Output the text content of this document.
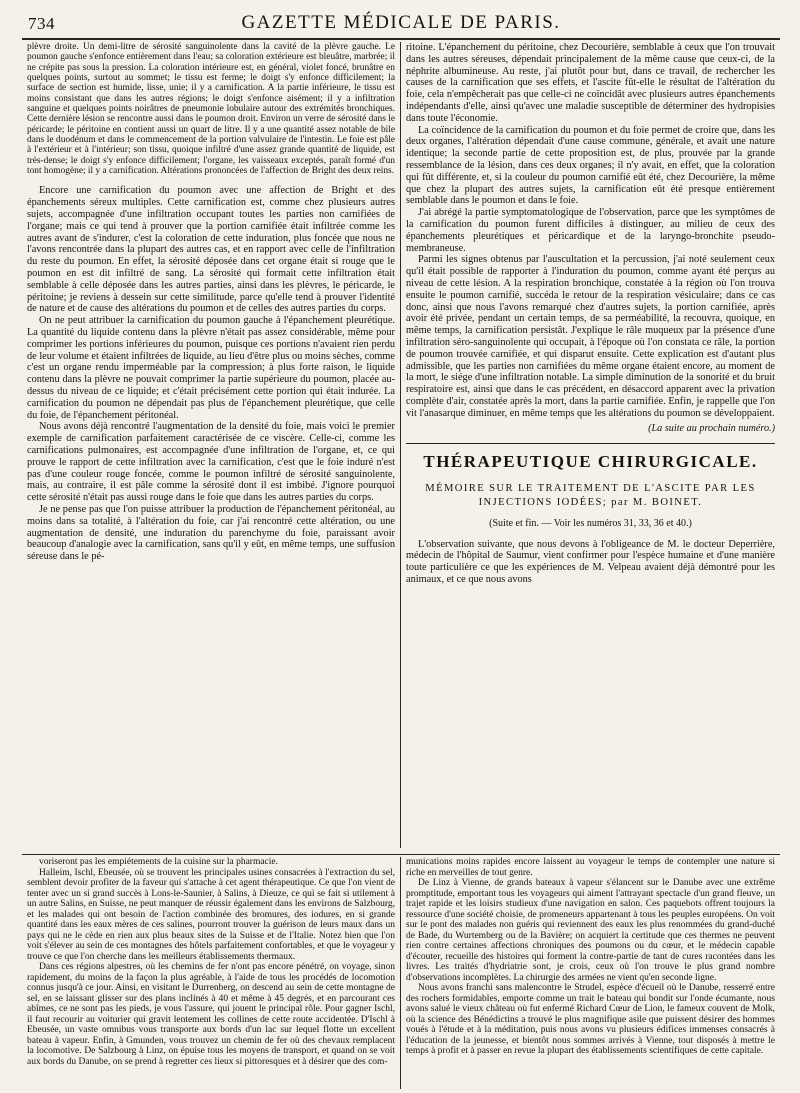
734	GAZETTE MÉDICALE DE PARIS.

plèvre droite. Un demi-litre de sérosité sanguinolente dans la cavité de la plèvre gauche. Le poumon gauche s'enfonce entièrement dans l'eau; sa coloration extérieure est bleuâtre, marbrée; il ne crépite pas sous la pression. La coloration intérieure est, en général, violet foncé, brunâtre en quelques points, surtout au sommet; le tissu est ferme; le doigt s'y enfonce difficilement; la surface de section est humide, lisse, unie; il y a carnification. A la partie inférieure, le tissu est moins consistant que dans les autres régions; le doigt s'enfonce aisément; il y a infiltration sanguine et quelques points noirâtres de pneumonie lobulaire autour des extrémités bronchiques. Cette dernière lésion se rencontre aussi dans le poumon droit. Environ un verre de sérosité dans le péricarde; le péritoine en contient aussi un quart de litre. Il y a une quantité assez notable de bile dans le duodénum et dans le commencement de la portion valvulaire de l'intestin. Le foie est pâle à l'extérieur et à l'intérieur; son tissu, quoique infiltré d'une assez grande quantité de liquide, est très-dense; le doigt s'y enfonce difficilement; l'organe, les vaisseaux exceptés, paraît formé d'un tont homogène; il y a carnification. Altérations prononcées de l'affection de Bright des deux reins.

Encore une carnification du poumon avec une affection de Bright et des épanchements séreux multiples. Cette carnification est, comme chez plusieurs autres sujets, accompagnée d'une infiltration occupant toutes les parties non carnifiées de l'organe; mais ce qui tend à prouver que la portion carnifiée était infiltrée comme les autres avant de s'indurer, c'est la coloration de cette induration, plus foncée que nous ne l'avons rencontrée dans la plupart des autres cas, et en rapport avec celle de l'infiltration du reste du poumon. En effet, la sérosité déposée dans cet organe était si rouge que le poumon en est dit infiltré de sang. La sérosité qui formait cette infiltration était semblable à celle déposée dans les autres parties, ainsi dans les plèvres, le péricarde, le péritoine; je reviens à dessein sur cette similitude, parce qu'elle tend à prouver l'identité de nature et de cause des altérations du poumon et de celles des autres parties du corps.

On ne peut attribuer la carnification du poumon gauche à l'épanchement pleurétique. La quantité du liquide contenu dans la plèvre n'était pas assez considérable, même pour comprimer les portions inférieures du poumon, puisque ces portions n'avaient rien perdu de leur volume et étaient infiltrées de liquide, au lieu d'être plus ou moins sèches, comme c'est un organe rendu imperméable par la compression; à plus forte raison, le liquide contenu dans la plèvre ne pouvait comprimer la partie supérieure du poumon, placée au-dessus du niveau de ce liquide; et c'était précisément cette portion qui était indurée. La carnification du poumon ne dépendait pas plus de l'épanchement pleurétique, que celle du foie, de l'épanchement péritonéal.

Nous avons déjà rencontré l'augmentation de la densité du foie, mais voici le premier exemple de carnification parfaitement caractérisée de ce viscère. Celle-ci, comme les carnifications pulmonaires, est accompagnée d'une infiltration de l'organe, et, ce qui prouve le rapport de cette infiltration avec la carnification, c'est que le foie induré n'est pas d'une couleur rouge foncée, comme le poumon infiltré de sérosité sanguinolente, mais, au contraire, il est pâle comme la sérosité dont il est imbibé. J'ignore pourquoi cette sérosité n'était pas aussi rouge dans le foie que dans les autres parties du corps.

Je ne pense pas que l'on puisse attribuer la production de l'épanchement péritonéal, au moins dans sa totalité, à l'altération du foie, car j'ai rencontré cette altération, ou une augmentation de densité, une induration du parenchyme du foie, paraissant avoir beaucoup d'analogie avec la carnification, sans qu'il y eût, en même temps, une suffusion séreuse dans le pé-

ritoine. L'épanchement du péritoine, chez Decourière, semblable à ceux que l'on trouvait dans les autres séreuses, dépendait principalement de la même cause que ceux-ci, de la néphrite albumineuse. Au reste, j'ai plutôt pour but, dans ce travail, de rechercher les causes de la carnification que ses effets, et l'ascite fût-elle le résultat de l'altération du foie, cela n'empêcherait pas que celle-ci ne coïncidât avec plusieurs autres épanchements indépendants d'elle, ainsi qu'avec une maladie susceptible de déterminer des hydropisies dans toute l'économie.

La coïncidence de la carnification du poumon et du foie permet de croire que, dans les deux organes, l'altération dépendait d'une cause commune, générale, et avait une nature identique; la seconde partie de cette proposition est, de plus, prouvée par la grande ressemblance de la lésion, dans ces deux organes; il n'y avait, en effet, que la coloration qui fût différente, et, si la couleur du poumon carnifié eût été, chez Decourière, la même que chez la plupart des autres sujets, la carnification eût été presque entièrement semblable dans le poumon et dans le foie.

J'ai abrégé la partie symptomatologique de l'observation, parce que les symptômes de la carnification du poumon furent difficiles à distinguer, au milieu de ceux des épanchements pleurétiques et péricardique et de la laryngo-bronchite pseudo-membraneuse.

Parmi les signes obtenus par l'auscultation et la percussion, j'ai noté seulement ceux qu'il était possible de rapporter à l'induration du poumon, comme ayant été perçus au niveau de cette lésion. A la respiration bronchique, constatée à la région où l'on trouva ensuite le poumon carnifié, succéda le retour de la respiration vésiculaire; dans ce cas donc, ainsi que nous l'avons remarqué chez d'autres sujets, la portion carnifiée, après avoir été privée, pendant un certain temps, de sa perméabilité, la recouvra, quoique, en même temps, la carnification persistât. J'explique le râle muqueux par la présence d'une infiltration séro-sanguinolente qui occupait, à l'époque où l'on constata ce râle, la portion de poumon trouvée carnifiée, et qui disparut ensuite. Cette explication est d'autant plus admissible, que les parties non carnifiées du même organe étaient encore, au moment de la mort, le siége d'une infiltration notable. La simple diminution de la sonorité et du bruit respiratoire est, ainsi que dans le cas précédent, en désaccord apparent avec la privation complète d'air, constatée après la mort, dans la partie carnifiée. Enfin, je rappelle que l'on vit l'anasarque diminuer, en même temps que les altérations du poumon se développaient.

(La suite au prochain numéro.)
THÉRAPEUTIQUE CHIRURGICALE.
MÉMOIRE SUR LE TRAITEMENT DE L'ASCITE PAR LES INJECTIONS IODÉES; par M. BOINET.
(Suite et fin. — Voir les numéros 31, 33, 36 et 40.)

L'observation suivante, que nous devons à l'obligeance de M. le docteur Deperrière, médecin de l'hôpital de Saumur, vient confirmer pour l'espèce humaine et d'une manière toute particulière ce que les expériences de M. Velpeau avaient déjà démontré pour les animaux, et ce que nous avons

voriseront pas les empiétements de la cuisine sur la pharmacie.

Halleim, Ischl, Ebeusée, où se trouvent les principales usines consacrées à l'extraction du sel, semblent devoir profiter de la faveur qui s'attache à cet agent thérapeutique. Ce que l'on vient de tenter avec un si grand succès à Lons-le-Saunier, à Salins, à Dieuze, ce qui se fait si utilement à un autre Salins, en Suisse, ne peut manquer de réussir également dans les environs de Salzbourg, et les malades qui ont besoin de l'action combinée des bromures, des iodures, en si grande quantité dans les eaux mères de ces salines, pourront trouver la guérison de leurs maux dans un pays qui ne le cède en rien aux plus beaux sites de la Suisse et de l'Italie. Notez bien que l'on voit s'élever au sein de ces montagnes des hôtels parfaitement confortables, et que le voyageur y trouve ce que l'on cherche dans les meilleurs établissements thermaux.

Dans ces régions alpestres, où les chemins de fer n'ont pas encore pénétré, on voyage, sinon rapidement, du moins de la façon la plus agréable, à l'aide de tous les procédés de locomotion connus jusqu'à ce jour. Ainsi, en visitant le Durrenberg, on descend au sein de cette montagne de sel, en se laissant glisser sur des plans inclinés à 40 et même à 45 degrés, et en parcourant ces abîmes, ce ne sont pas les pieds, je vous l'assure, qui jouent le principal rôle. Pour gagner Ischl, il faut recourir au voiturier qui gravit lentement les collines de cette route accidentée. D'Ischl à Ebeusée, un vaste omnibus vous transporte aux bords d'un lac sur lequel flotte un excellent bateau à vapeur. Enfin, à Gmunden, vous trouvez un chemin de fer où des chevaux remplacent la locomotive. De Salzbourg à Linz, on épuise tous les moyens de transport, et quand on se voit aux bords du Danube, on se prend à regretter ces lieux si pittoresques et à désirer que des com-

munications moins rapides encore laissent au voyageur le temps de contempler une nature si riche en merveilles de tout genre.

De Linz à Vienne, de grands bateaux à vapeur s'élancent sur le Danube avec une extrême promptitude, emportant tous les voyageurs qui aiment l'attrayant spectacle d'un grand fleuve, un trajet rapide et les loisirs studieux d'une navigation en salon. Ces paquebots offrent toujours la ressource d'une société choisie, de promeneurs appartenant à tous les peuples européens. On voit sur le pont des malades non guéris qui reviennent des eaux les plus renommées du grand-duché de Bade, du Wurtemberg ou de la Bavière; on acquiert la certitude que ces thermes ne peuvent rien contre certaines affections chroniques des poumons ou du cœur, et le médecin capable d'écouter, recueille des histoires qui forment la contre-partie de tant de cures racontées dans les livres. Les traités d'hydriatrie sont, je crois, ceux où l'on trouve le plus grand nombre d'observations incomplètes. La chirurgie des armées ne vient qu'en seconde ligne.

Nous avons franchi sans malencontre le Strudel, espèce d'écueil où le Danube, resserré entre des rochers formidables, emporte comme un trait le bateau qui bondit sur l'onde écumante, nous avons salué le vieux château où fut enfermé Richard Cœur de Lion, le fameux couvent de Molk, où la science des Bénédictins a trouvé le plus magnifique asile que puissent désirer des hommes voués à l'étude et à la méditation, puis nous avons vu plusieurs édifices immenses consacrés à l'éducation de la jeunesse, et bientôt nous sommes arrivés à Vienne, tout disposés à mettre le temps à profit et à passer en revue la plupart des établissements scientifiques de cette capitale.
